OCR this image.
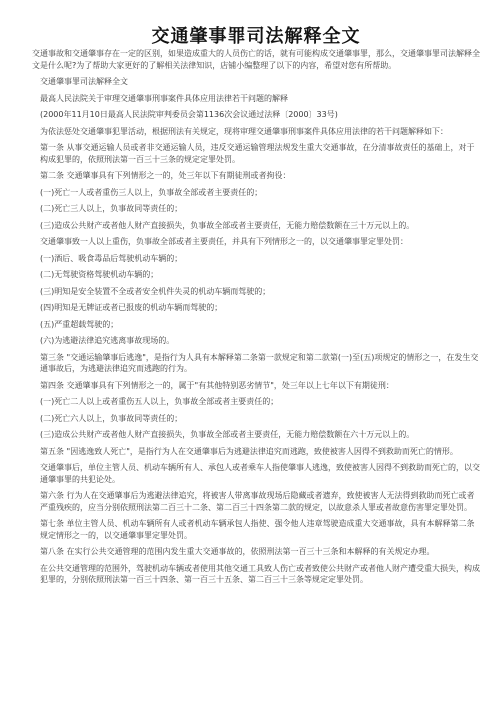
交通肇事罪司法解释全文

交通事故和交通肇事存在一定的区别，如果造成重大的人员伤亡的话，就有可能构成交通肇事罪，那么，交通肇事罪司法解释全文是什么呢?为了帮助大家更好的了解相关法律知识，店铺小编整理了以下的内容，希望对您有所帮助。

交通肇事罪司法解释全文

最高人民法院关于审理交通肇事刑事案件具体应用法律若干问题的解释

(2000年11月10日最高人民法院审判委员会第1136次会议通过法释〔2000〕33号)

为依法惩处交通肇事犯罪活动，根据刑法有关规定，现将审理交通肇事刑事案件具体应用法律的若干问题解释如下：

第一条 从事交通运输人员或者非交通运输人员，违反交通运输管理法规发生重大交通事故，在分清事故责任的基础上，对于构成犯罪的，依照刑法第一百三十三条的规定定罪处罚。

第二条 交通肇事具有下列情形之一的，处三年以下有期徒刑或者拘役：

(一)死亡一人或者重伤三人以上，负事故全部或者主要责任的；

(二)死亡三人以上，负事故同等责任的；

(三)造成公共财产或者他人财产直接损失，负事故全部或者主要责任，无能力赔偿数额在三十万元以上的。

交通肇事致一人以上重伤，负事故全部或者主要责任，并具有下列情形之一的，以交通肇事罪定罪处罚：

(一)酒后、吸食毒品后驾驶机动车辆的；

(二)无驾驶资格驾驶机动车辆的；

(三)明知是安全装置不全或者安全机件失灵的机动车辆而驾驶的；

(四)明知是无牌证或者已报废的机动车辆而驾驶的；

(五)严重超载驾驶的；

(六)为逃避法律追究逃离事故现场的。

第三条 "交通运输肇事后逃逸"，是指行为人具有本解释第二条第一款规定和第二款第(一)至(五)项规定的情形之一，在发生交通事故后，为逃避法律追究而逃跑的行为。

第四条 交通肇事具有下列情形之一的，属于"有其他特别恶劣情节"，处三年以上七年以下有期徒刑：

(一)死亡二人以上或者重伤五人以上，负事故全部或者主要责任的；

(二)死亡六人以上，负事故同等责任的；

(三)造成公共财产或者他人财产直接损失，负事故全部或者主要责任，无能力赔偿数额在六十万元以上的。

第五条 "因逃逸致人死亡"，是指行为人在交通肇事后为逃避法律追究而逃跑，致使被害人因得不到救助而死亡的情形。

交通肇事后，单位主管人员、机动车辆所有人、承包人或者乘车人指使肇事人逃逸，致使被害人因得不到救助而死亡的，以交通肇事罪的共犯论处。

第六条 行为人在交通肇事后为逃避法律追究，将被害人带离事故现场后隐藏或者遗弃，致使被害人无法得到救助而死亡或者严重残疾的，应当分别依照刑法第二百三十二条、第二百三十四条第二款的规定，以故意杀人罪或者故意伤害罪定罪处罚。

第七条 单位主管人员、机动车辆所有人或者机动车辆承包人指使、强令他人违章驾驶造成重大交通事故，具有本解释第二条规定情形之一的，以交通肇事罪定罪处罚。

第八条 在实行公共交通管理的范围内发生重大交通事故的，依照刑法第一百三十三条和本解释的有关规定办理。

在公共交通管理的范围外，驾驶机动车辆或者使用其他交通工具致人伤亡或者致使公共财产或者他人财产遭受重大损失，构成犯罪的，分别依照刑法第一百三十四条、第一百三十五条、第二百三十三条等规定定罪处罚。
